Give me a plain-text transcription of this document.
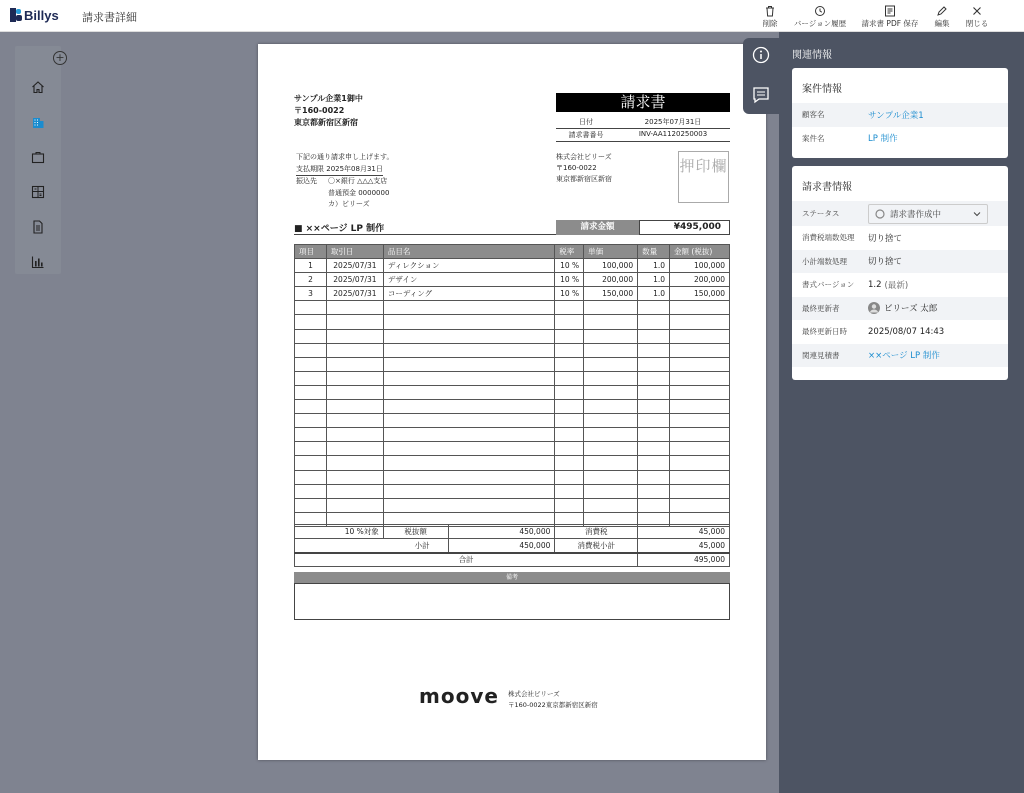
Billys 請求書詳細	削除	バージョン履歴	請求書 PDF 保存	編集	閉じる
+
サンプル企業1御中
〒160-0022
東京都新宿区新宿
請求書
日付	2025年07月31日
請求書番号	INV-AA1120250003
下記の通り請求申し上げます。
支払期限 2025年08月31日
振込先	〇×銀行 △△△支店
普通預金 0000000
カ）ビリーズ
株式会社ビリーズ
〒160-0022
東京都新宿区新宿
押印欄
■ ××ページ LP 制作	請求金額	¥495,000
項目	取引日	品目名	税率	単価	数量	金額 (税抜)
1	2025/07/31	ディレクション	10 %	100,000	1.0	100,000
2	2025/07/31	デザイン	10 %	200,000	1.0	200,000
3	2025/07/31	コーディング	10 %	150,000	1.0	150,000

10 %対象	税抜額	450,000	消費税	45,000
小計		450,000	消費税小計	45,000
合計				495,000
備考
moove 株式会社ビリーズ
〒160-0022東京都新宿区新宿
関連情報
案件情報
顧客名	サンプル企業1
案件名	LP 制作
請求書情報
ステータス	請求書作成中
消費税端数処理	切り捨て
小計端数処理	切り捨て
書式バージョン	1.2 (最新)
最終更新者	ビリーズ 太郎
最終更新日時	2025/08/07 14:43
関連見積書	××ページ LP 制作
